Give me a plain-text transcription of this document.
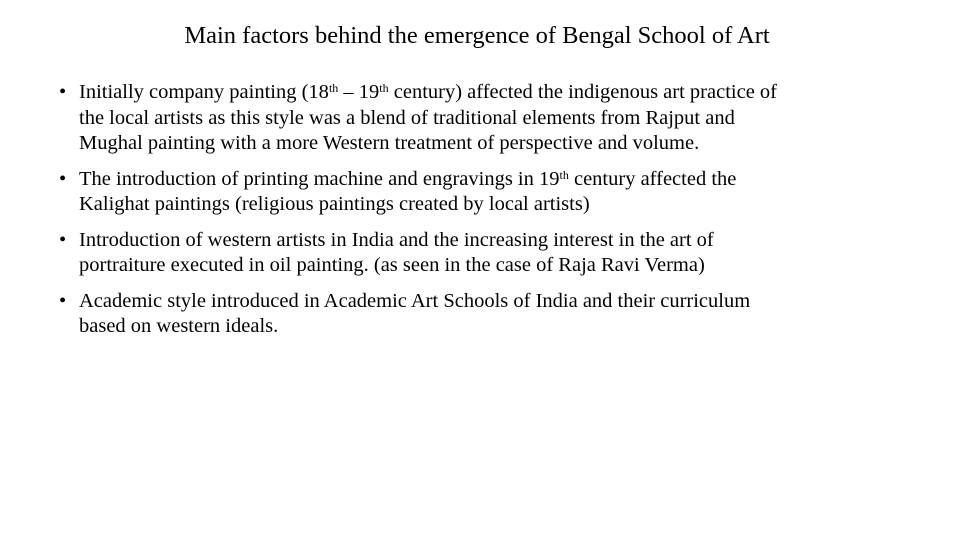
Main factors behind the emergence of Bengal School of Art
• Initially company painting (18th – 19th century) affected the indigenous art practice of
the local artists as this style was a blend of traditional elements from Rajput and
Mughal painting with a more Western treatment of perspective and volume.
• The introduction of printing machine and engravings in 19th century affected the
Kalighat paintings (religious paintings created by local artists)
• Introduction of western artists in India and the increasing interest in the art of
portraiture executed in oil painting. (as seen in the case of Raja Ravi Verma)
• Academic style introduced in Academic Art Schools of India and their curriculum
based on western ideals.
